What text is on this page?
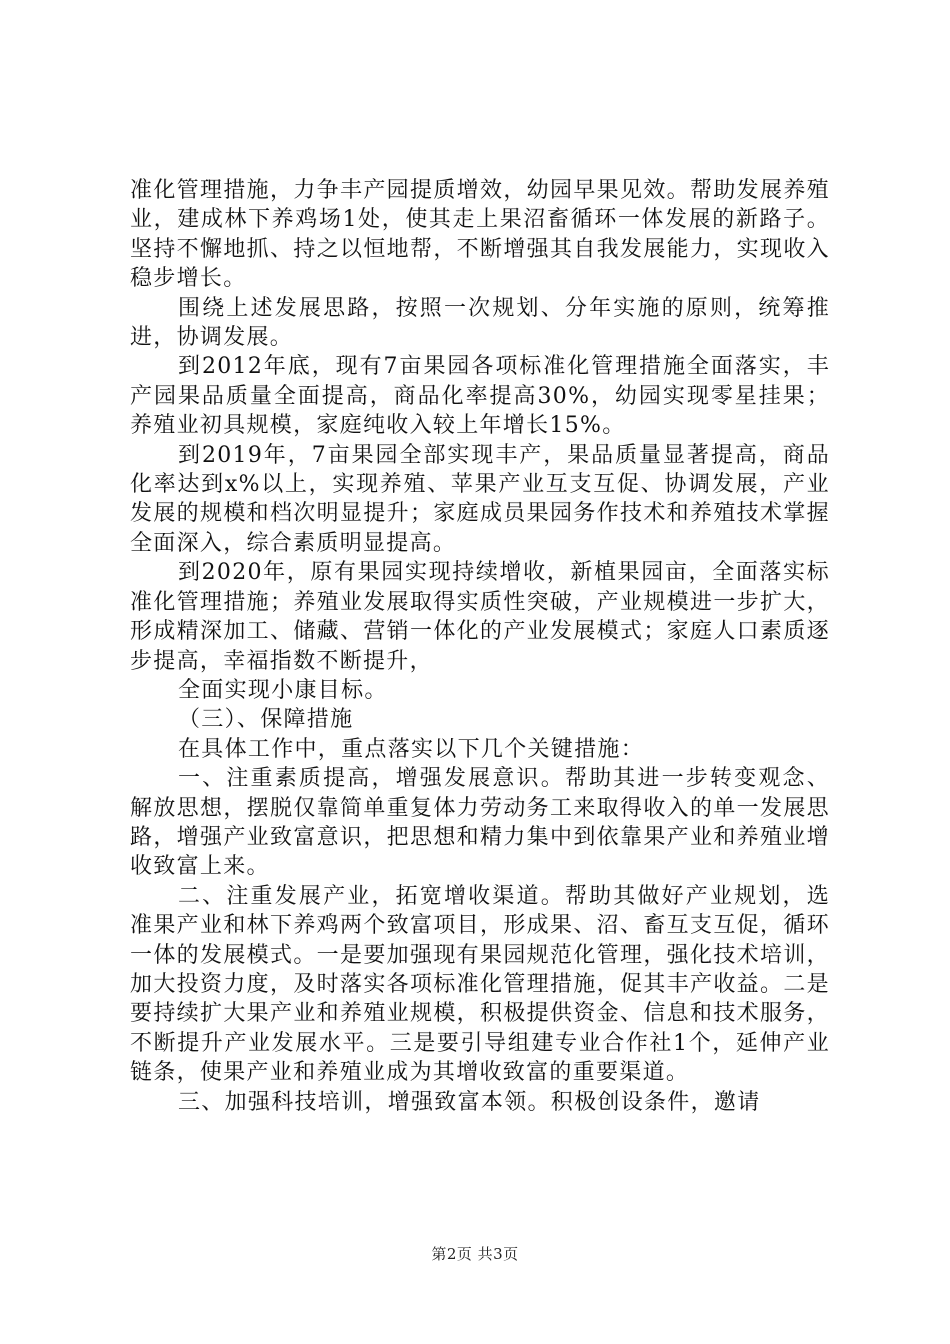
准化管理措施，力争丰产园提质增效，幼园早果见效。帮助发展养殖业，建成林下养鸡场1处，使其走上果沼畜循环一体发展的新路子。坚持不懈地抓、持之以恒地帮，不断增强其自我发展能力，实现收入稳步增长。

围绕上述发展思路，按照一次规划、分年实施的原则，统筹推进，协调发展。

到2012年底，现有7亩果园各项标准化管理措施全面落实，丰产园果品质量全面提高，商品化率提高30%，幼园实现零星挂果；养殖业初具规模，家庭纯收入较上年增长15%。

到2019年，7亩果园全部实现丰产，果品质量显著提高，商品化率达到x%以上，实现养殖、苹果产业互支互促、协调发展，产业发展的规模和档次明显提升；家庭成员果园务作技术和养殖技术掌握全面深入，综合素质明显提高。

到2020年，原有果园实现持续增收，新植果园亩，全面落实标准化管理措施；养殖业发展取得实质性突破，产业规模进一步扩大，形成精深加工、储藏、营销一体化的产业发展模式；家庭人口素质逐步提高，幸福指数不断提升，

全面实现小康目标。

（三）、保障措施

在具体工作中，重点落实以下几个关键措施：

一、注重素质提高，增强发展意识。帮助其进一步转变观念、解放思想，摆脱仅靠简单重复体力劳动务工来取得收入的单一发展思路，增强产业致富意识，把思想和精力集中到依靠果产业和养殖业增收致富上来。

二、注重发展产业，拓宽增收渠道。帮助其做好产业规划，选准果产业和林下养鸡两个致富项目，形成果、沼、畜互支互促，循环一体的发展模式。一是要加强现有果园规范化管理，强化技术培训，加大投资力度，及时落实各项标准化管理措施，促其丰产收益。二是要持续扩大果产业和养殖业规模，积极提供资金、信息和技术服务，不断提升产业发展水平。三是要引导组建专业合作社1个，延伸产业链条，使果产业和养殖业成为其增收致富的重要渠道。

三、加强科技培训，增强致富本领。积极创设条件，邀请

第2页 共3页
